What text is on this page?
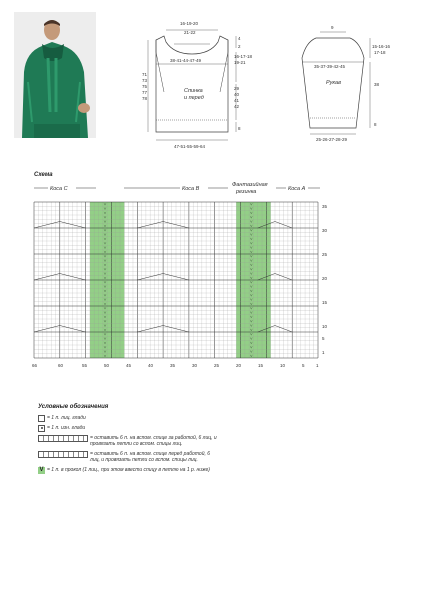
16-19-20
21-22
4
2
38-41-44-47-49
16-17-18
19-21
Спинка
и перед
29
40
41
42
71
73
75
77
78
8
47-51-55-59-64
9
15-16-16
17-18
35-37-39-42-45
Рукав	38
8
25-26-27-28-29
Схема
Коса C	Коса B
Фантазийная
резинка	Коса A
35
30
25
20
15
10
5
1
66	60	55	50	45	40	35	30	25	20	15	10	5	1
Условные обозначения
= 1 п. лиц. глади
= 1 п. изн. глади
= оставить 6 п. на вспом. спице за работой, 6 лиц, и провязать петли со вспом. спицы лиц.
= оставить 6 п. на вспом. спице перед работой, 6 лиц, и провязать петли со вспом. спицы лиц.
V = 1 п. в прокол (1 лиц., при этом ввести спицу в петлю на 1 р. ниже)
